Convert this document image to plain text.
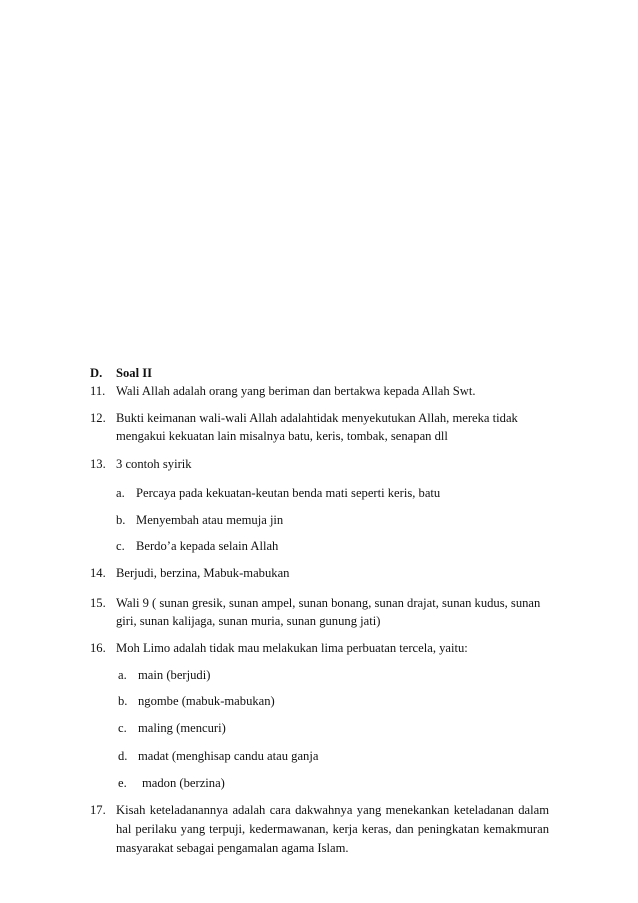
D. Soal II
11. Wali Allah adalah orang yang beriman dan bertakwa kepada Allah Swt.
12. Bukti keimanan wali-wali Allah adalahtidak menyekutukan Allah, mereka tidak
mengakui kekuatan lain misalnya batu, keris, tombak, senapan dll
13. 3 contoh syirik
a. Percaya pada kekuatan-keutan benda mati seperti keris, batu
b. Menyembah atau memuja jin
c. Berdo’a kepada selain Allah
14. Berjudi, berzina, Mabuk-mabukan
15. Wali 9 ( sunan gresik, sunan ampel, sunan bonang, sunan drajat, sunan kudus, sunan
giri, sunan kalijaga, sunan muria, sunan gunung jati)
16. Moh Limo adalah tidak mau melakukan lima perbuatan tercela, yaitu:
a. main (berjudi)
b. ngombe (mabuk-mabukan)
c. maling (mencuri)
d. madat (menghisap candu atau ganja
e. madon (berzina)
17. Kisah keteladanannya adalah cara dakwahnya yang menekankan keteladanan dalam
hal perilaku yang terpuji, kedermawanan, kerja keras, dan peningkatan kemakmuran
masyarakat sebagai pengamalan agama Islam.
